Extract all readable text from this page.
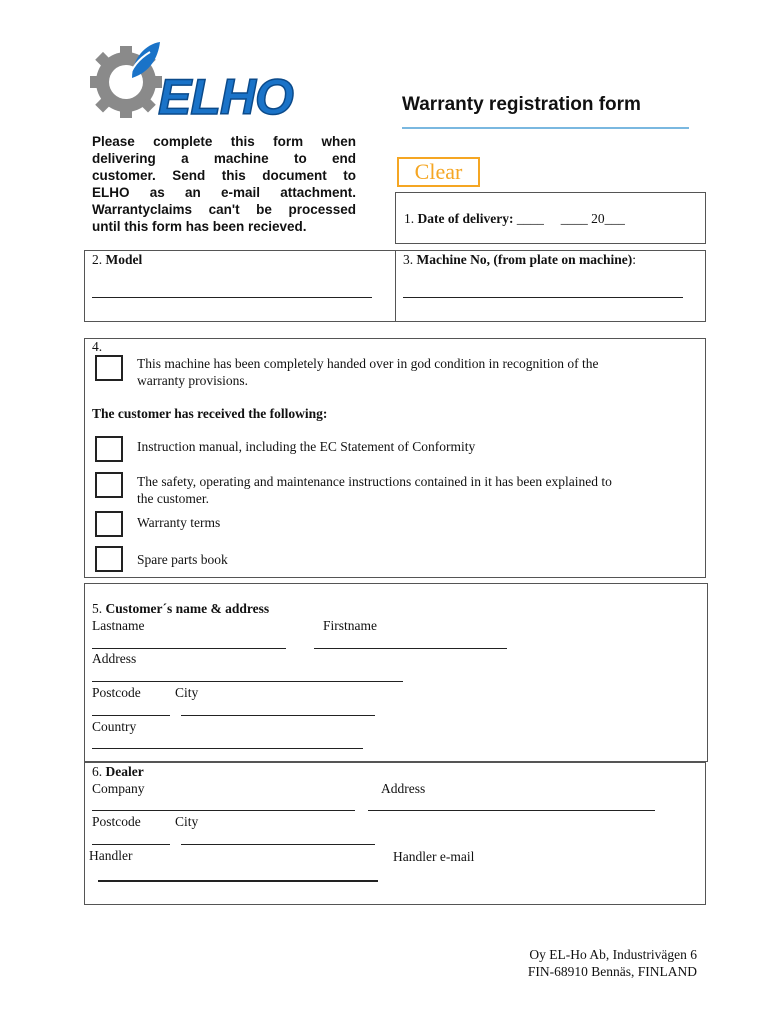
ELHO	Warranty registration form
Please complete this form when
delivering a machine to end
customer. Send this document to
ELHO as an e-mail attachment.
Warrantyclaims can't be processed
until this form has been recieved.
Clear
1. Date of delivery: ____ ____ 20___
2. Model	3. Machine No, (from plate on machine):
4.
This machine has been completely handed over in god condition in recognition of the
warranty provisions.
The customer has received the following:
Instruction manual, including the EC Statement of Conformity
The safety, operating and maintenance instructions contained in it has been explained to
the customer.
Warranty terms
Spare parts book
5. Customer´s name & address
Lastname	Firstname
Address
Postcode	City
Country
6. Dealer
Company	Address
Postcode	City
Handler	Handler e-mail
Oy EL-Ho Ab, Industrivägen 6
FIN-68910 Bennäs, FINLAND
